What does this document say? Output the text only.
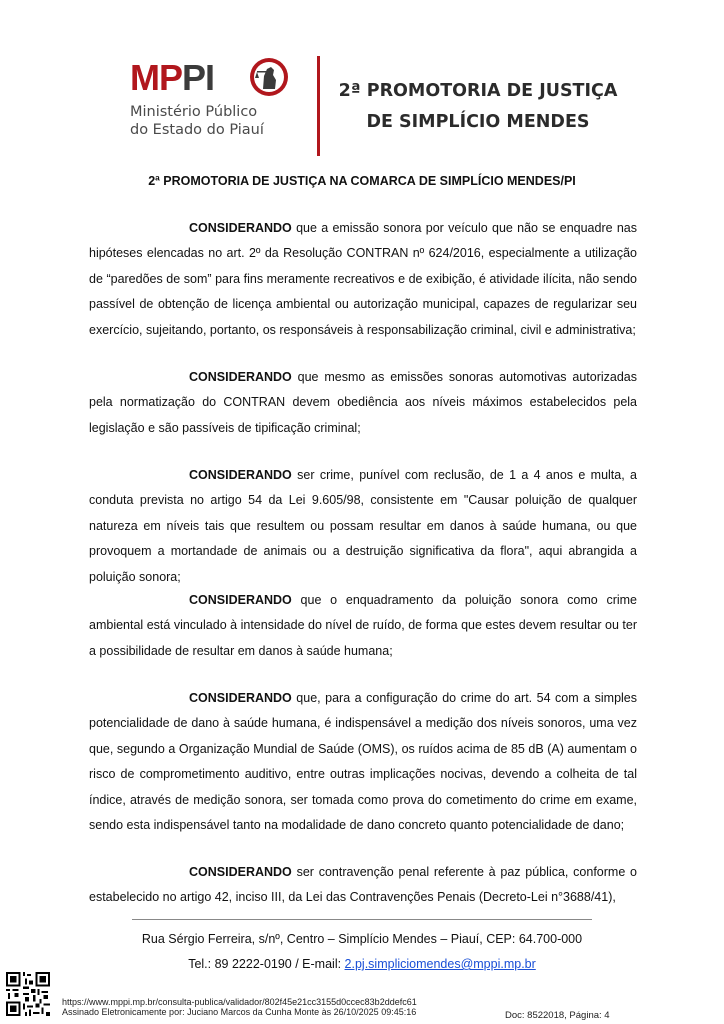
MP PI
Ministério Público
do Estado do Piauí
2ª PROMOTORIA DE JUSTIÇA
DE SIMPLÍCIO MENDES
2ª PROMOTORIA DE JUSTIÇA NA COMARCA DE SIMPLÍCIO MENDES/PI

CONSIDERANDO que a emissão sonora por veículo que não se enquadre nas hipóteses elencadas no art. 2º da Resolução CONTRAN nº 624/2016, especialmente a utilização de “paredões de som” para fins meramente recreativos e de exibição, é atividade ilícita, não sendo passível de obtenção de licença ambiental ou autorização municipal, capazes de regularizar seu exercício, sujeitando, portanto, os responsáveis à responsabilização criminal, civil e administrativa;

CONSIDERANDO que mesmo as emissões sonoras automotivas autorizadas pela normatização do CONTRAN devem obediência aos níveis máximos estabelecidos pela legislação e são passíveis de tipificação criminal;

CONSIDERANDO ser crime, punível com reclusão, de 1 a 4 anos e multa, a conduta prevista no artigo 54 da Lei 9.605/98, consistente em "Causar poluição de qualquer natureza em níveis tais que resultem ou possam resultar em danos à saúde humana, ou que provoquem a mortandade de animais ou a destruição significativa da flora", aqui abrangida a poluição sonora;

CONSIDERANDO que o enquadramento da poluição sonora como crime ambiental está vinculado à intensidade do nível de ruído, de forma que estes devem resultar ou ter a possibilidade de resultar em danos à saúde humana;

CONSIDERANDO que, para a configuração do crime do art. 54 com a simples potencialidade de dano à saúde humana, é indispensável a medição dos níveis sonoros, uma vez que, segundo a Organização Mundial de Saúde (OMS), os ruídos acima de 85 dB (A) aumentam o risco de comprometimento auditivo, entre outras implicações nocivas, devendo a colheita de tal índice, através de medição sonora, ser tomada como prova do cometimento do crime em exame, sendo esta indispensável tanto na modalidade de dano concreto quanto potencialidade de dano;

CONSIDERANDO ser contravenção penal referente à paz pública, conforme o estabelecido no artigo 42, inciso III, da Lei das Contravenções Penais (Decreto-Lei n°3688/41),

Rua Sérgio Ferreira, s/nº, Centro – Simplício Mendes – Piauí, CEP: 64.700-000
Tel.: 89 2222-0190 / E-mail: 2.pj.simpliciomendes@mppi.mp.br
https://www.mppi.mp.br/consulta-publica/validador/802f45e21cc3155d0ccec83b2ddefc61
Assinado Eletronicamente por: Juciano Marcos da Cunha Monte às 26/10/2025 09:45:16	Doc: 8522018, Página: 4
